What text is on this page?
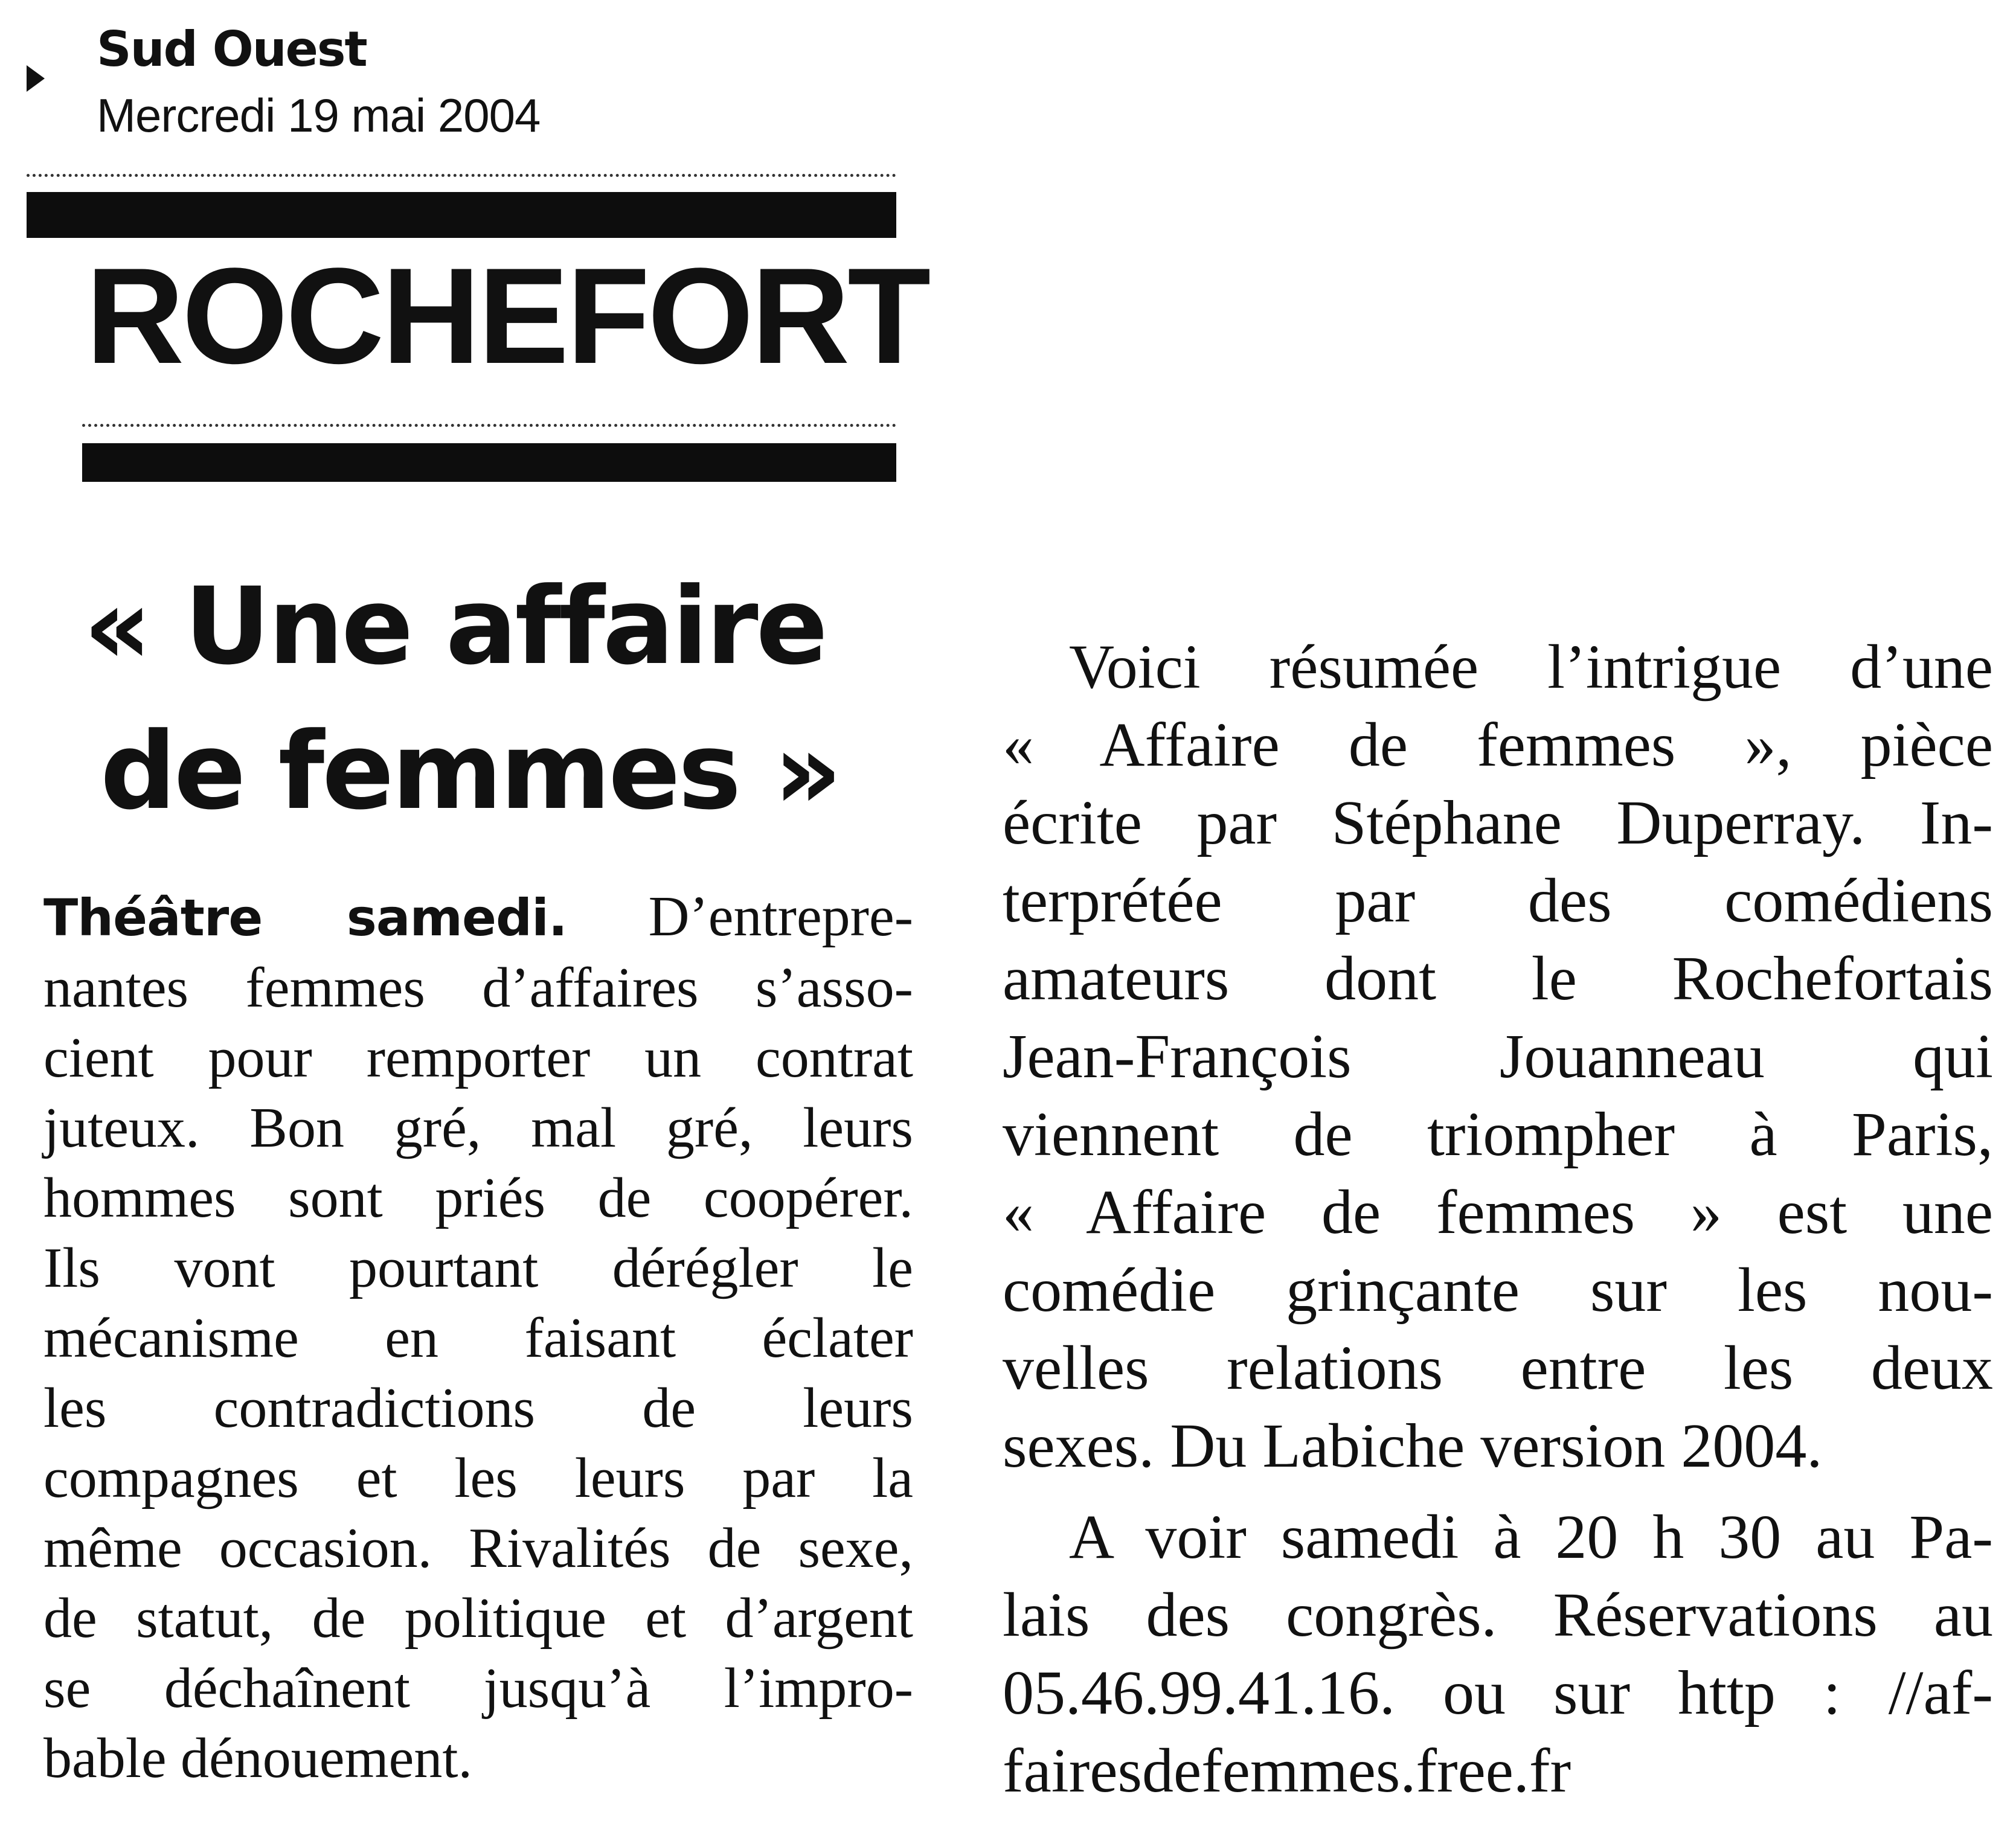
Sud Ouest
Mercredi 19 mai 2004
ROCHEFORT
« Une affaire
de femmes »
Théâtre samedi. D’entrepre-
nantes femmes d’affaires s’asso-
cient pour remporter un contrat
juteux. Bon gré, mal gré, leurs
hommes sont priés de coopérer.
Ils vont pourtant dérégler le
mécanisme en faisant éclater
les contradictions de leurs
compagnes et les leurs par la
même occasion. Rivalités de sexe,
de statut, de politique et d’argent
se déchaînent jusqu’à l’impro-
bable dénouement.
Voici résumée l’intrigue d’une
« Affaire de femmes », pièce
écrite par Stéphane Duperray. In-
terprétée par des comédiens
amateurs dont le Rochefortais
Jean-François Jouanneau qui
viennent de triompher à Paris,
« Affaire de femmes » est une
comédie grinçante sur les nou-
velles relations entre les deux
sexes. Du Labiche version 2004.
A voir samedi à 20 h 30 au Pa-
lais des congrès. Réservations au
05.46.99.41.16. ou sur http : //af-
fairesdefemmes.free.fr
